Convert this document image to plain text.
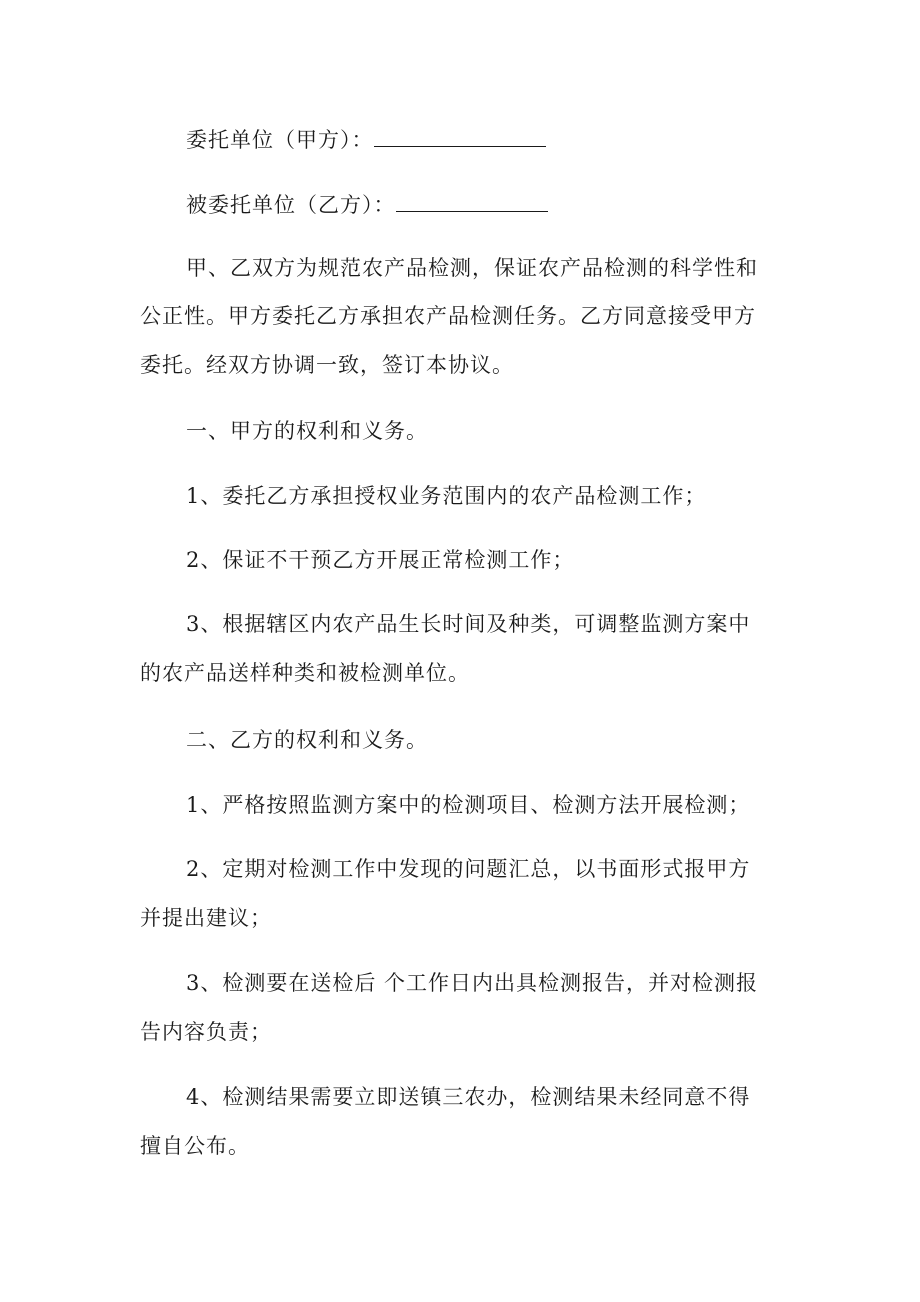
委托单位（甲方）：
被委托单位（乙方）：
甲、乙双方为规范农产品检测，保证农产品检测的科学性和
公正性。甲方委托乙方承担农产品检测任务。乙方同意接受甲方
委托。经双方协调一致，签订本协议。
一、甲方的权利和义务。
1、委托乙方承担授权业务范围内的农产品检测工作；
2、保证不干预乙方开展正常检测工作；
3、根据辖区内农产品生长时间及种类，可调整监测方案中
的农产品送样种类和被检测单位。
二、乙方的权利和义务。
1、严格按照监测方案中的检测项目、检测方法开展检测；
2、定期对检测工作中发现的问题汇总，以书面形式报甲方
并提出建议；
3、检测要在送检后 个工作日内出具检测报告，并对检测报
告内容负责；
4、检测结果需要立即送镇三农办，检测结果未经同意不得
擅自公布。
